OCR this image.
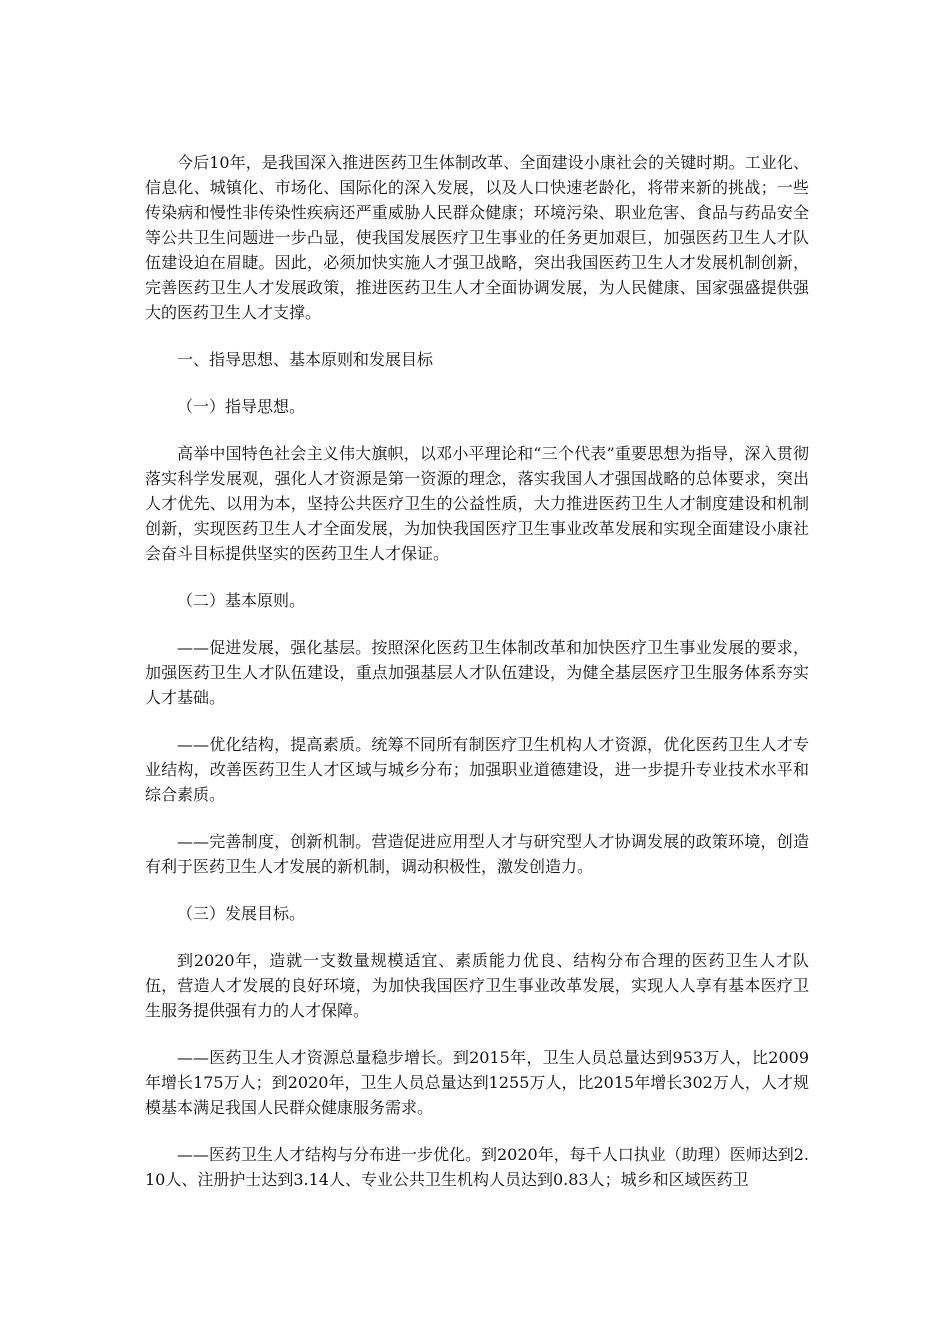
今后10年，是我国深入推进医药卫生体制改革、全面建设小康社会的关键时期。工业化、信息化、城镇化、市场化、国际化的深入发展，以及人口快速老龄化，将带来新的挑战；一些传染病和慢性非传染性疾病还严重威胁人民群众健康；环境污染、职业危害、食品与药品安全等公共卫生问题进一步凸显，使我国发展医疗卫生事业的任务更加艰巨，加强医药卫生人才队伍建设迫在眉睫。因此，必须加快实施人才强卫战略，突出我国医药卫生人才发展机制创新，完善医药卫生人才发展政策，推进医药卫生人才全面协调发展，为人民健康、国家强盛提供强大的医药卫生人才支撑。

一、指导思想、基本原则和发展目标

（一）指导思想。

高举中国特色社会主义伟大旗帜，以邓小平理论和“三个代表”重要思想为指导，深入贯彻落实科学发展观，强化人才资源是第一资源的理念，落实我国人才强国战略的总体要求，突出人才优先、以用为本，坚持公共医疗卫生的公益性质，大力推进医药卫生人才制度建设和机制创新，实现医药卫生人才全面发展，为加快我国医疗卫生事业改革发展和实现全面建设小康社会奋斗目标提供坚实的医药卫生人才保证。

（二）基本原则。

——促进发展，强化基层。按照深化医药卫生体制改革和加快医疗卫生事业发展的要求，加强医药卫生人才队伍建设，重点加强基层人才队伍建设，为健全基层医疗卫生服务体系夯实人才基础。

——优化结构，提高素质。统筹不同所有制医疗卫生机构人才资源，优化医药卫生人才专业结构，改善医药卫生人才区域与城乡分布；加强职业道德建设，进一步提升专业技术水平和综合素质。

——完善制度，创新机制。营造促进应用型人才与研究型人才协调发展的政策环境，创造有利于医药卫生人才发展的新机制，调动积极性，激发创造力。

（三）发展目标。

到2020年，造就一支数量规模适宜、素质能力优良、结构分布合理的医药卫生人才队伍，营造人才发展的良好环境，为加快我国医疗卫生事业改革发展，实现人人享有基本医疗卫生服务提供强有力的人才保障。

——医药卫生人才资源总量稳步增长。到2015年，卫生人员总量达到953万人，比2009年增长175万人；到2020年，卫生人员总量达到1255万人，比2015年增长302万人，人才规模基本满足我国人民群众健康服务需求。

——医药卫生人才结构与分布进一步优化。到2020年，每千人口执业（助理）医师达到2.10人、注册护士达到3.14人、专业公共卫生机构人员达到0.83人；城乡和区域医药卫
